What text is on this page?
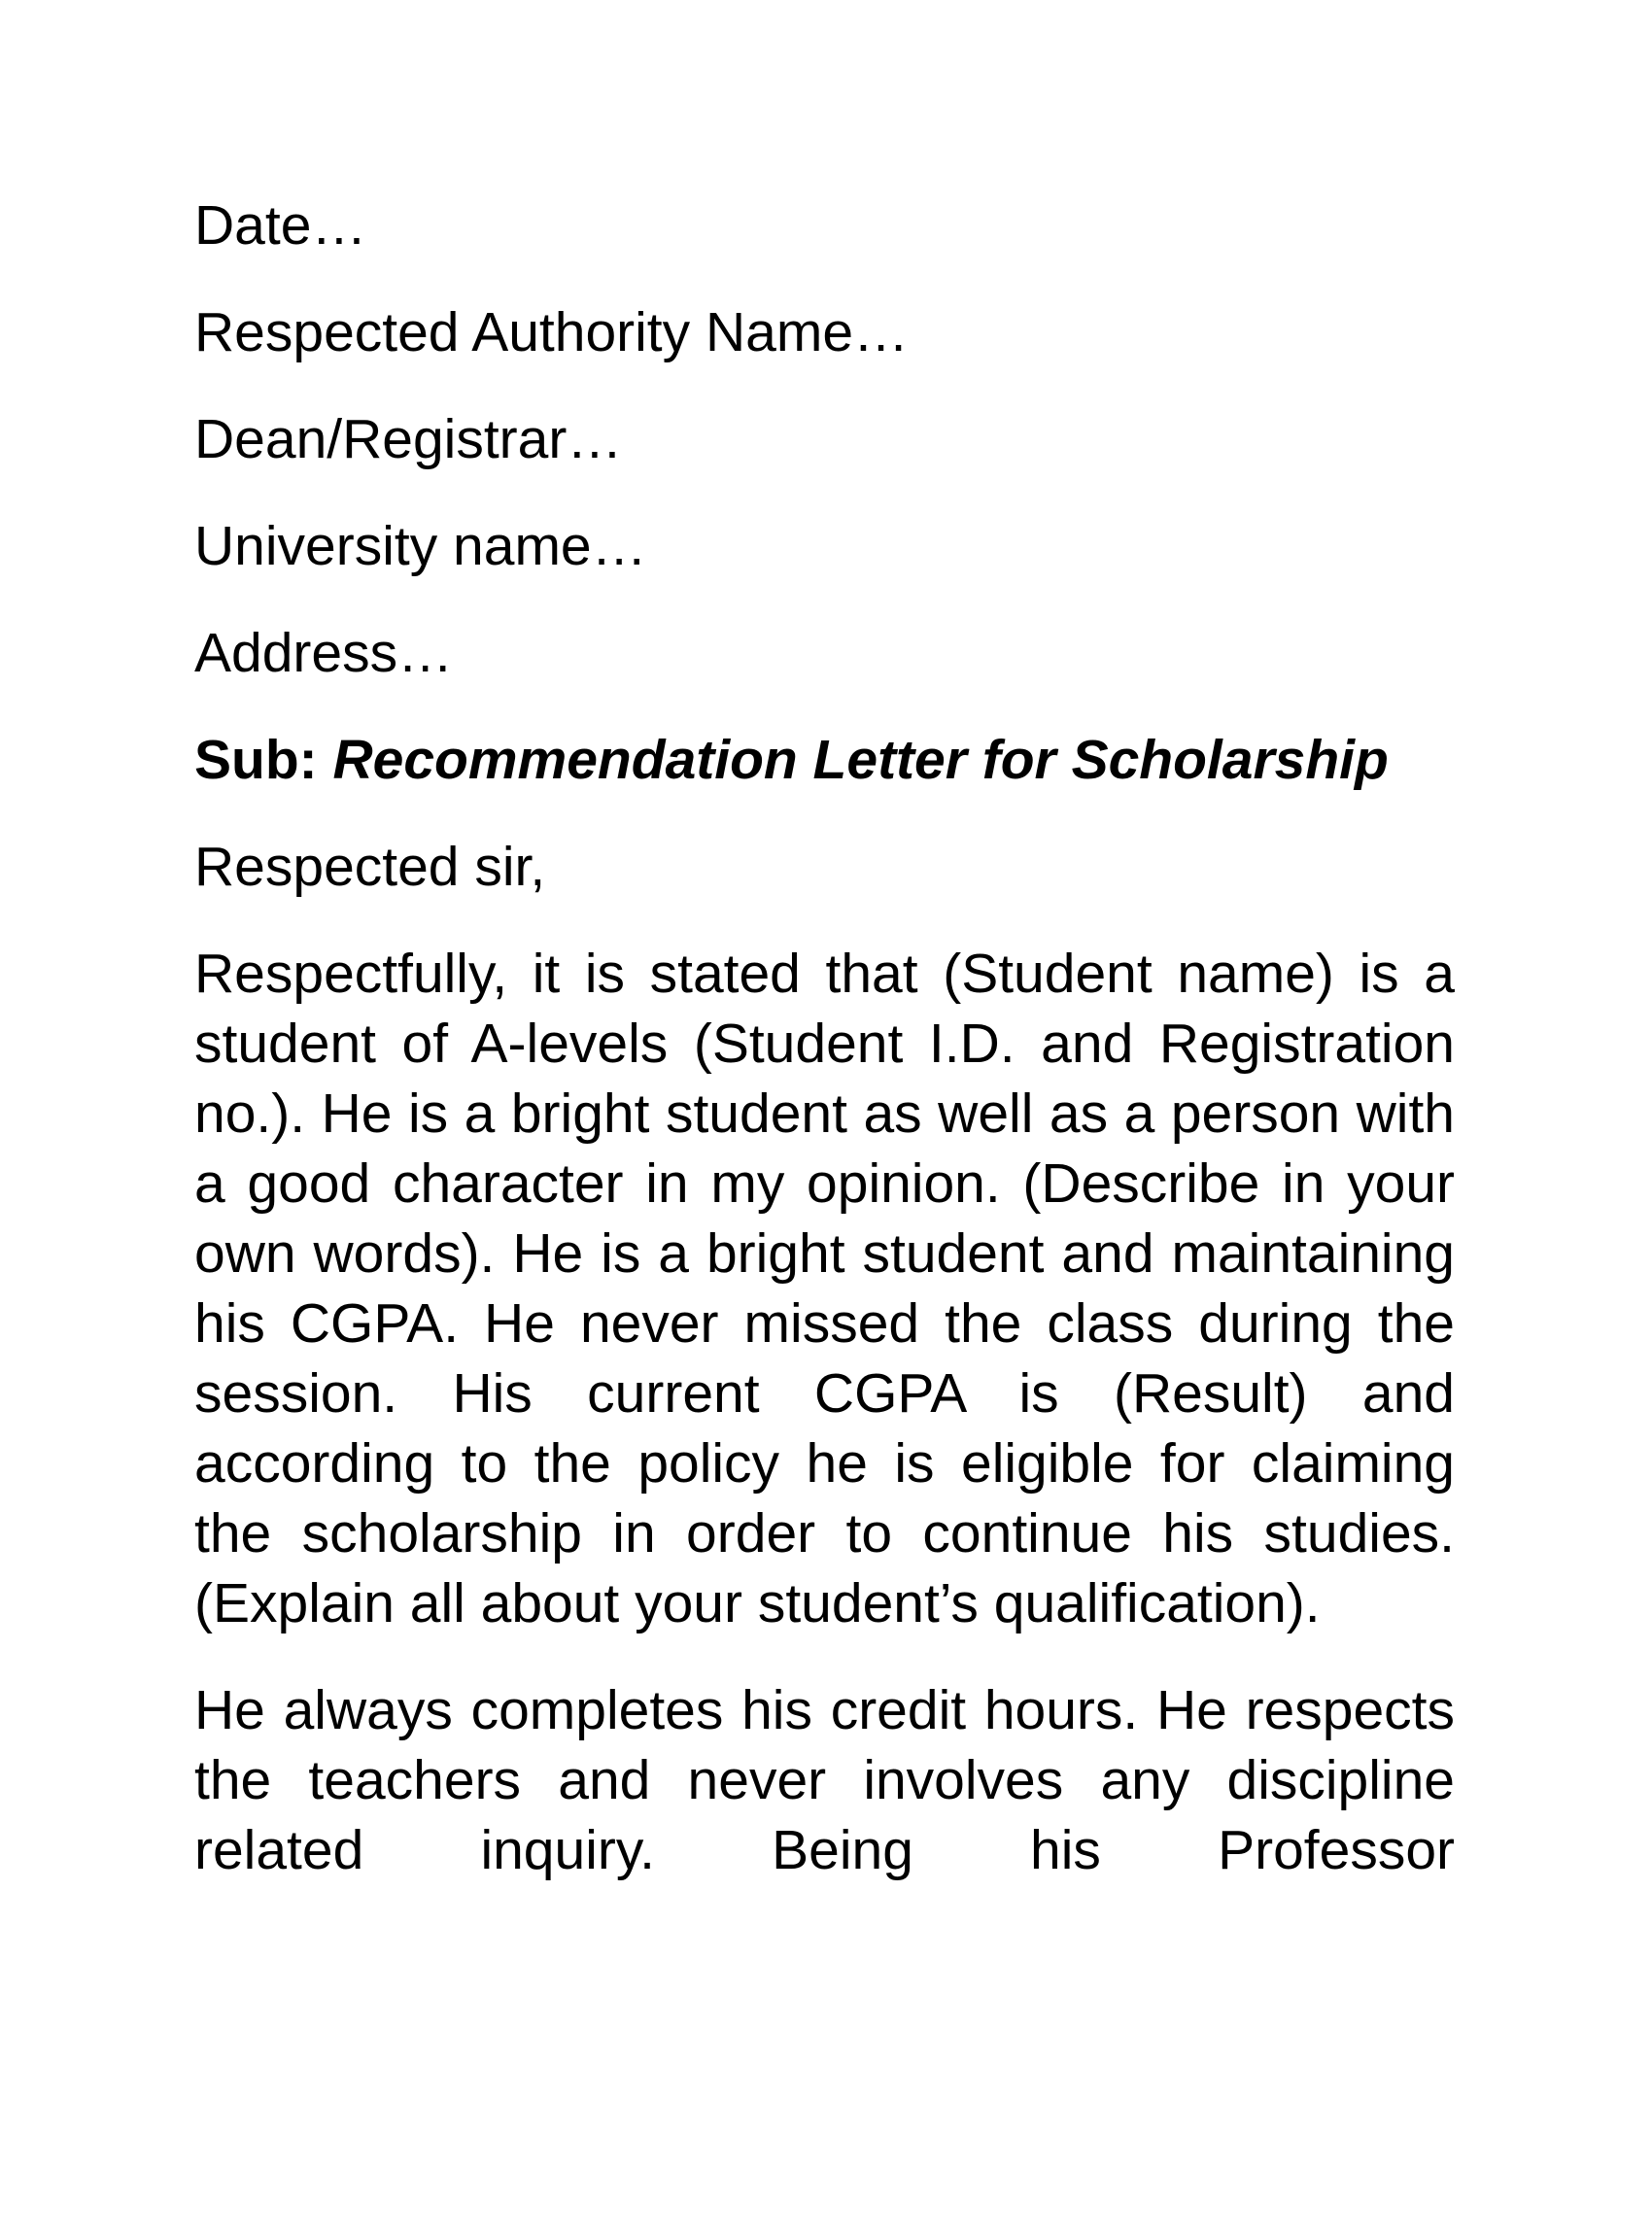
Date…
Respected Authority Name…
Dean/Registrar…
University name…
Address…
Sub: Recommendation Letter for Scholarship
Respected sir,

Respectfully, it is stated that (Student name) is a student of A-levels (Student I.D. and Registration no.). He is a bright student as well as a person with a good character in my opinion. (Describe in your own words). He is a bright student and maintaining his CGPA. He never missed the class during the session. His current CGPA is (Result) and according to the policy he is eligible for claiming the scholarship in order to continue his studies. (Explain all about your student’s qualification).

He always completes his credit hours. He respects the teachers and never involves any discipline related inquiry. Being his Professor
